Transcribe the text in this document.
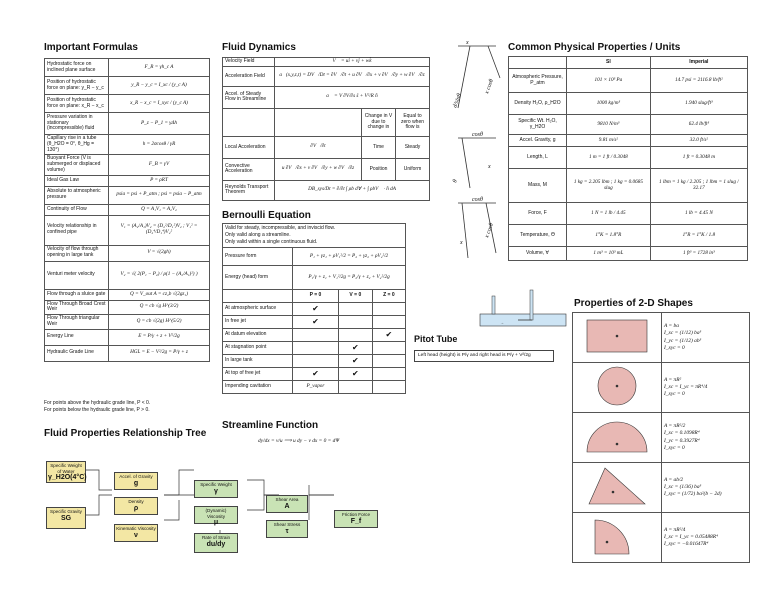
Important Formulas
Hydrostatic force on inclined plane surface	F_R = γh_c A
Position of hydrostatic force on plane: y_R − y_c	y_R − y_c = I_xc / (y_c A)
Position of hydrostatic force on plane: x_R − x_c	x_R − x_c = I_xyc / (y_c A)
Pressure variation in stationary (incompressible) fluid	P_z − P_1 = γΔh
Capillary rise in a tube (θ_H2O = 0°, θ_Hg = 130°)	h = 2σcosθ / γR
Buoyant Force (V is submerged or displaced volume)	F_B = γV
Ideal Gas Law	P = ρRT
Absolute to atmospheric pressure	psia = psi + P_atm ; psi = psia − P_atm
Continuity of Flow	Q = A₁V₁ = A₂V₂
Velocity relationship in confined pipe	V₁ = (A₂/A₁)V₂ = (D₂²/D₁²)V₂ ; V₁² = (D₂⁴/D₁⁴)V₂²
Velocity of flow through opening in large tank	V = √(2gh)
Venturi meter velocity	V₂ = √( 2(P₁ − P₂) / ρ(1 − (A₂/A₁)²) )
Flow through a sluice gate	Q = V_out A = cz₂b √(2gz₁)
Flow Through Broad Crest Weir	Q = cb √g H^(3/2)
Flow Through triangular Weir	Q = cb √(2g) H^(5/2)
Energy Line	E = P/γ + z + V²/2g
Hydraulic Grade Line	HGL = E − V²/2g = P/γ + z
For points above the hydraulic grade line, P < 0.
For points below the hydraulic grade line, P > 0.
Fluid Properties Relationship Tree
Specific Weight of Water
γ_H2O(4°C)
Specific Gravity
SG
Accel. of Gravity
g
Density
ρ
Kinematic Viscosity
ν
Specific Weight
γ
(Dynamic) Viscosity
μ
Rate of Strain
du/dy
Shear Area
A
Shear Stress
τ
Friction Force
F_f
Fluid Dynamics
Velocity Field	V⃗ = uî + vĵ + wk̂		
Acceleration Field	a⃗(x,y,z,t) = DV⃗/Dt = ∂V⃗/∂t + u ∂V⃗/∂x + v ∂V⃗/∂y + w ∂V⃗/∂z		
Accel. of Steady Flow in Streamline	a⃗ = V ∂V/∂s ŝ + V²/R n̂		
		Change in V due to change in	Equal to zero when flow is
Local Acceleration	∂V⃗/∂t	Time	Steady
Convective Acceleration	u ∂V⃗/∂x + v ∂V⃗/∂y + w ∂V⃗/∂z	Position	Uniform
Reynolds Transport Theorem	DB_sys/Dt = ∂/∂t ∫ ρb d∀ + ∫ ρbV⃗ · n̂ dA		
Bernoulli Equation
Valid for steady, incompressible, and inviscid flow.
Only valid along a streamline.
Only valid within a single continuous fluid.			

Pressure form	P₁ + γz₁ + ρV₁²/2 = P₂ + γz₂ + ρV₂²/2		
Energy (head) form	P₁/γ + z₁ + V₁²/2g = P₂/γ + z₂ + V₂²/2g		
	P = 0	V = 0	Z = 0
At atmospheric surface	✔		
In free jet	✔		
At datum elevation			✔
At stagnation point		✔	
In large tank		✔	
At top of free jet	✔	✔	
Impending cavitation	P_vapor		
Streamline Function
dy/dx = v/u ⟹ u dy − v dx = 0 = dΨ
x
d/sinθ
x cosθ
cosθ
x
θ
cosθ
x cosθ
x
→
Pitot Tube
Left head (height) is P/γ and right head is P/γ + V²/2g
Common Physical Properties / Units
	SI	Imperial
Atmospheric Pressure, P_atm	101 × 10³ Pa	14.7 psi = 2116.8 lb/ft²
Density H₂O, ρ_H2O	1000 kg/m³	1.940 slug/ft³
Specific Wt. H₂O, γ_H2O	9810 N/m³	62.4 lb/ft³
Accel. Gravity, g	9.81 m/s²	32.0 ft/s²
Length, L	1 m = 1 ft / 0.3048	1 ft = 0.3048 m
Mass, M	1 kg = 2.205 lbm ; 1 kg = 0.0685 slug	1 lbm = 1 kg / 2.205 ; 1 lbm = 1 slug / 32.17
Force, F	1 N = 1 lb / 4.45	1 lb = 4.45 N
Temperature, Θ	1°K = 1.8°R	1°R = 1°K / 1.8
Volume, ∀	1 m³ = 10³ mL	1 ft³ = 1728 in³
Properties of 2-D Shapes

A = ba
I_xc = (1/12) ba³
I_yc = (1/12) ab³
I_xyc = 0

A = πR²
I_xc = I_yc = πR⁴/4
I_xyc = 0

A = πR²/2
I_xc = 0.1098R⁴
I_yc = 0.3927R⁴
I_xyc = 0

A = ab/2
I_xc = (1/36) ba³
I_xyc = (1/72) ba²(b − 2d)

A = πR²/4
I_xc = I_yc = 0.05488R⁴
I_xyc = −0.01647R⁴
